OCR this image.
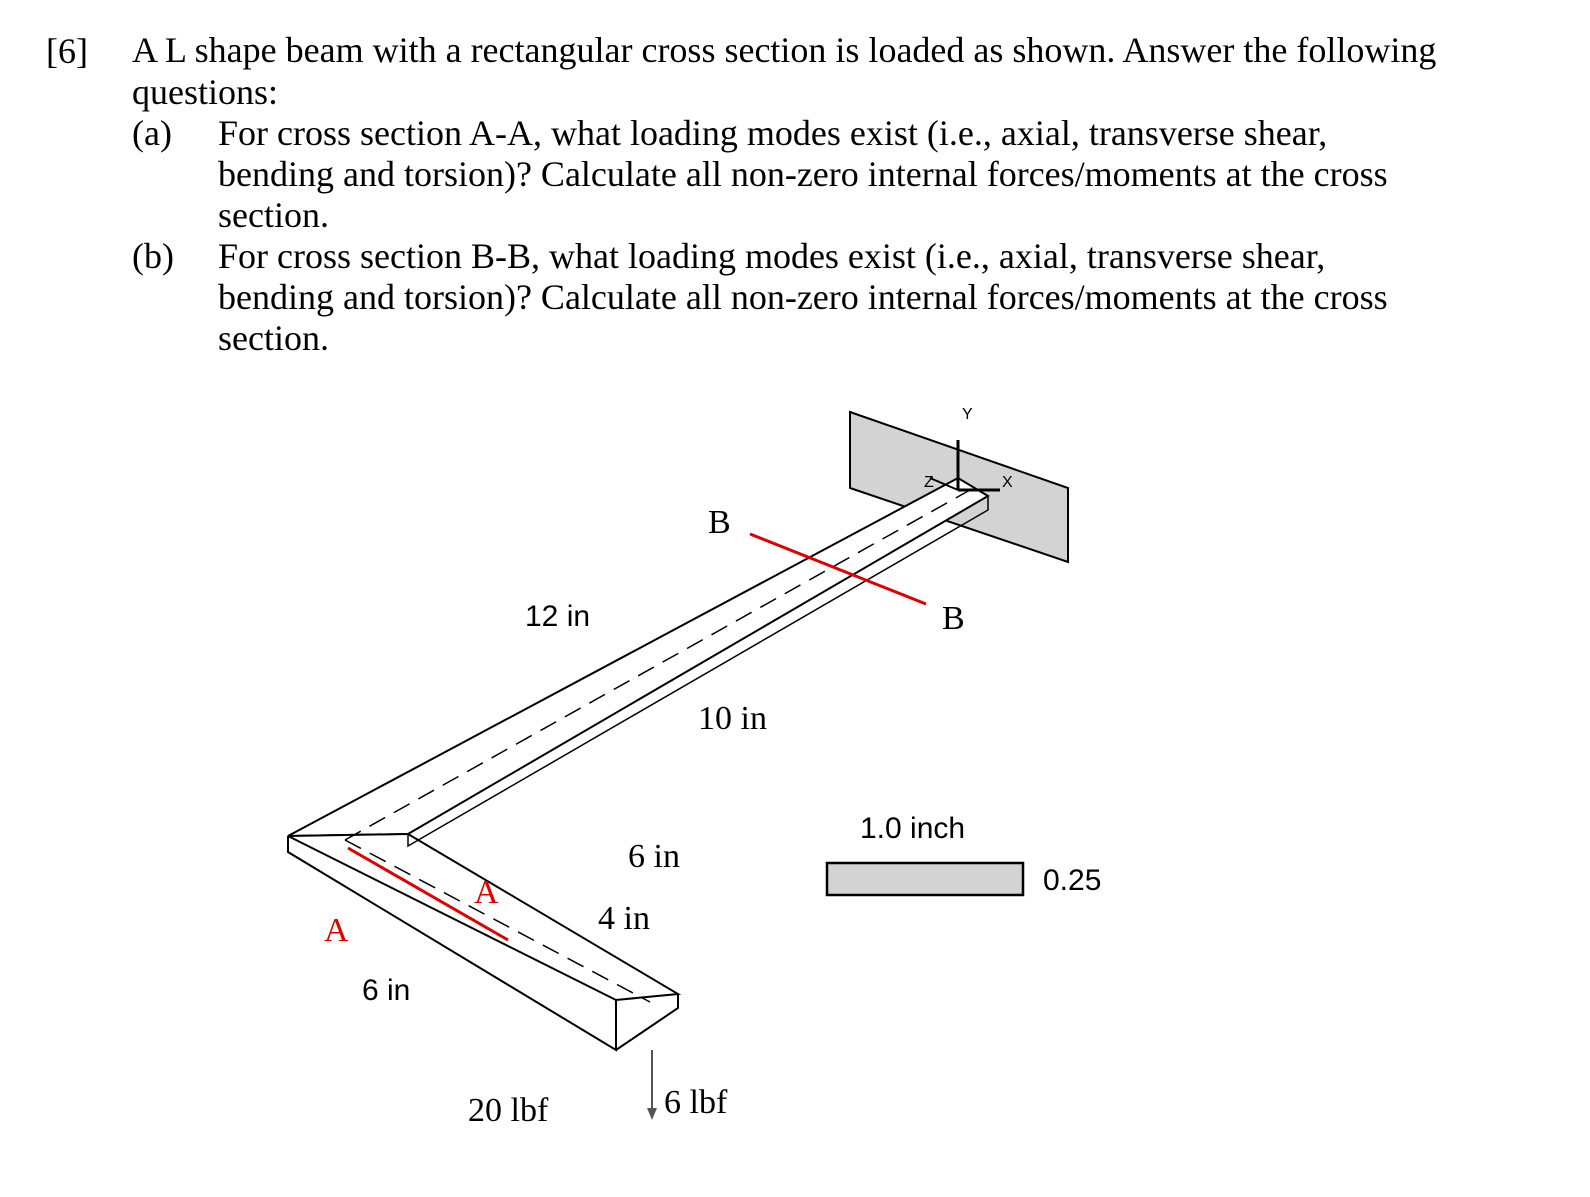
[6] A L shape beam with a rectangular cross section is loaded as shown. Answer the following
questions:
(a) For cross section A-A, what loading modes exist (i.e., axial, transverse shear,
bending and torsion)? Calculate all non-zero internal forces/moments at the cross
section.
(b) For cross section B-B, what loading modes exist (i.e., axial, transverse shear,
bending and torsion)? Calculate all non-zero internal forces/moments at the cross
section.
Y
X
Z
B
B
A
A
12 in
10 in
6 in
4 in
6 in
20 lbf	6 lbf
1.0 inch
0.25
